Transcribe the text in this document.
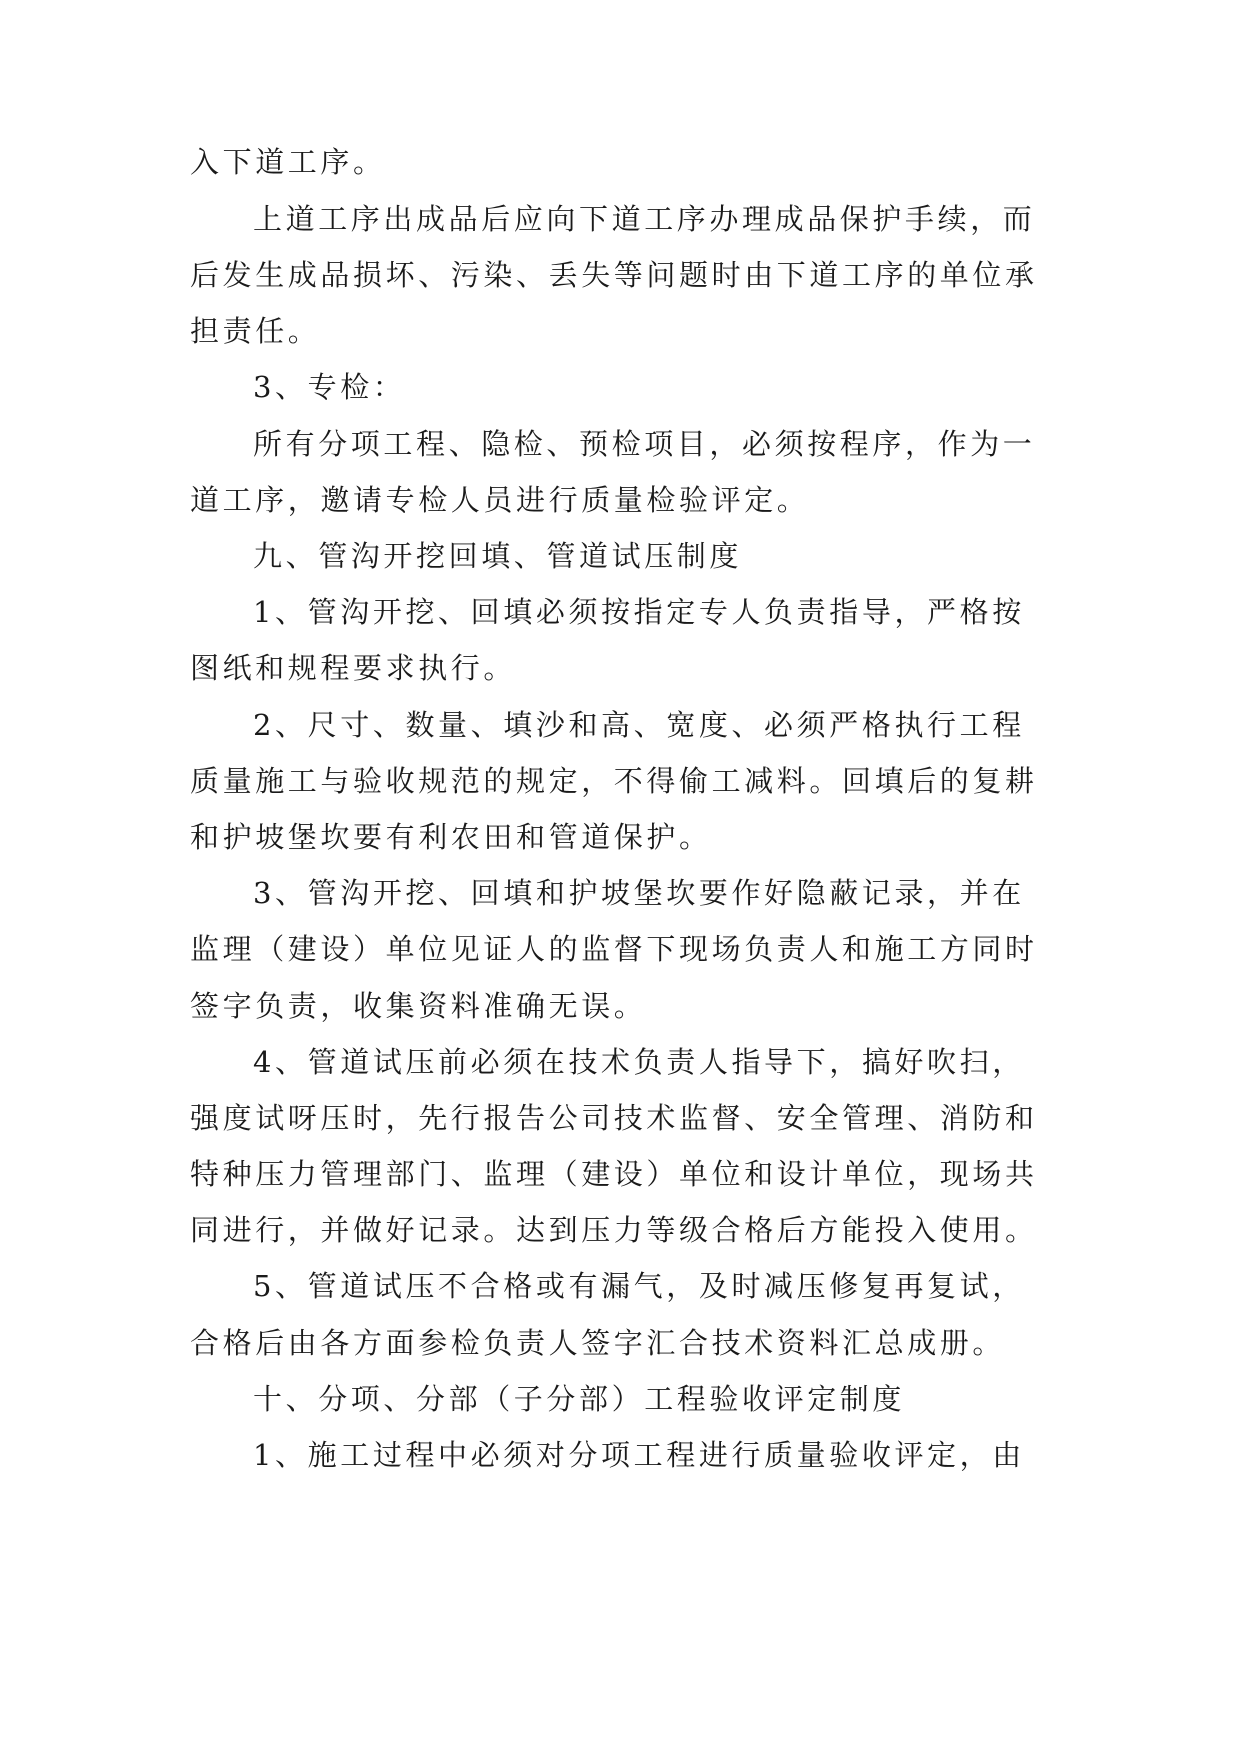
入下道工序。
上道工序出成品后应向下道工序办理成品保护手续，而
后发生成品损坏、污染、丢失等问题时由下道工序的单位承
担责任。
3、专检：
所有分项工程、隐检、预检项目，必须按程序，作为一
道工序，邀请专检人员进行质量检验评定。
九、管沟开挖回填、管道试压制度
1、管沟开挖、回填必须按指定专人负责指导，严格按
图纸和规程要求执行。
2、尺寸、数量、填沙和高、宽度、必须严格执行工程
质量施工与验收规范的规定，不得偷工减料。回填后的复耕
和护坡堡坎要有利农田和管道保护。
3、管沟开挖、回填和护坡堡坎要作好隐蔽记录，并在
监理（建设）单位见证人的监督下现场负责人和施工方同时
签字负责，收集资料准确无误。
4、管道试压前必须在技术负责人指导下，搞好吹扫，
强度试呀压时，先行报告公司技术监督、安全管理、消防和
特种压力管理部门、监理（建设）单位和设计单位，现场共
同进行，并做好记录。达到压力等级合格后方能投入使用。
5、管道试压不合格或有漏气，及时减压修复再复试，
合格后由各方面参检负责人签字汇合技术资料汇总成册。
十、分项、分部（子分部）工程验收评定制度
1、施工过程中必须对分项工程进行质量验收评定，由
